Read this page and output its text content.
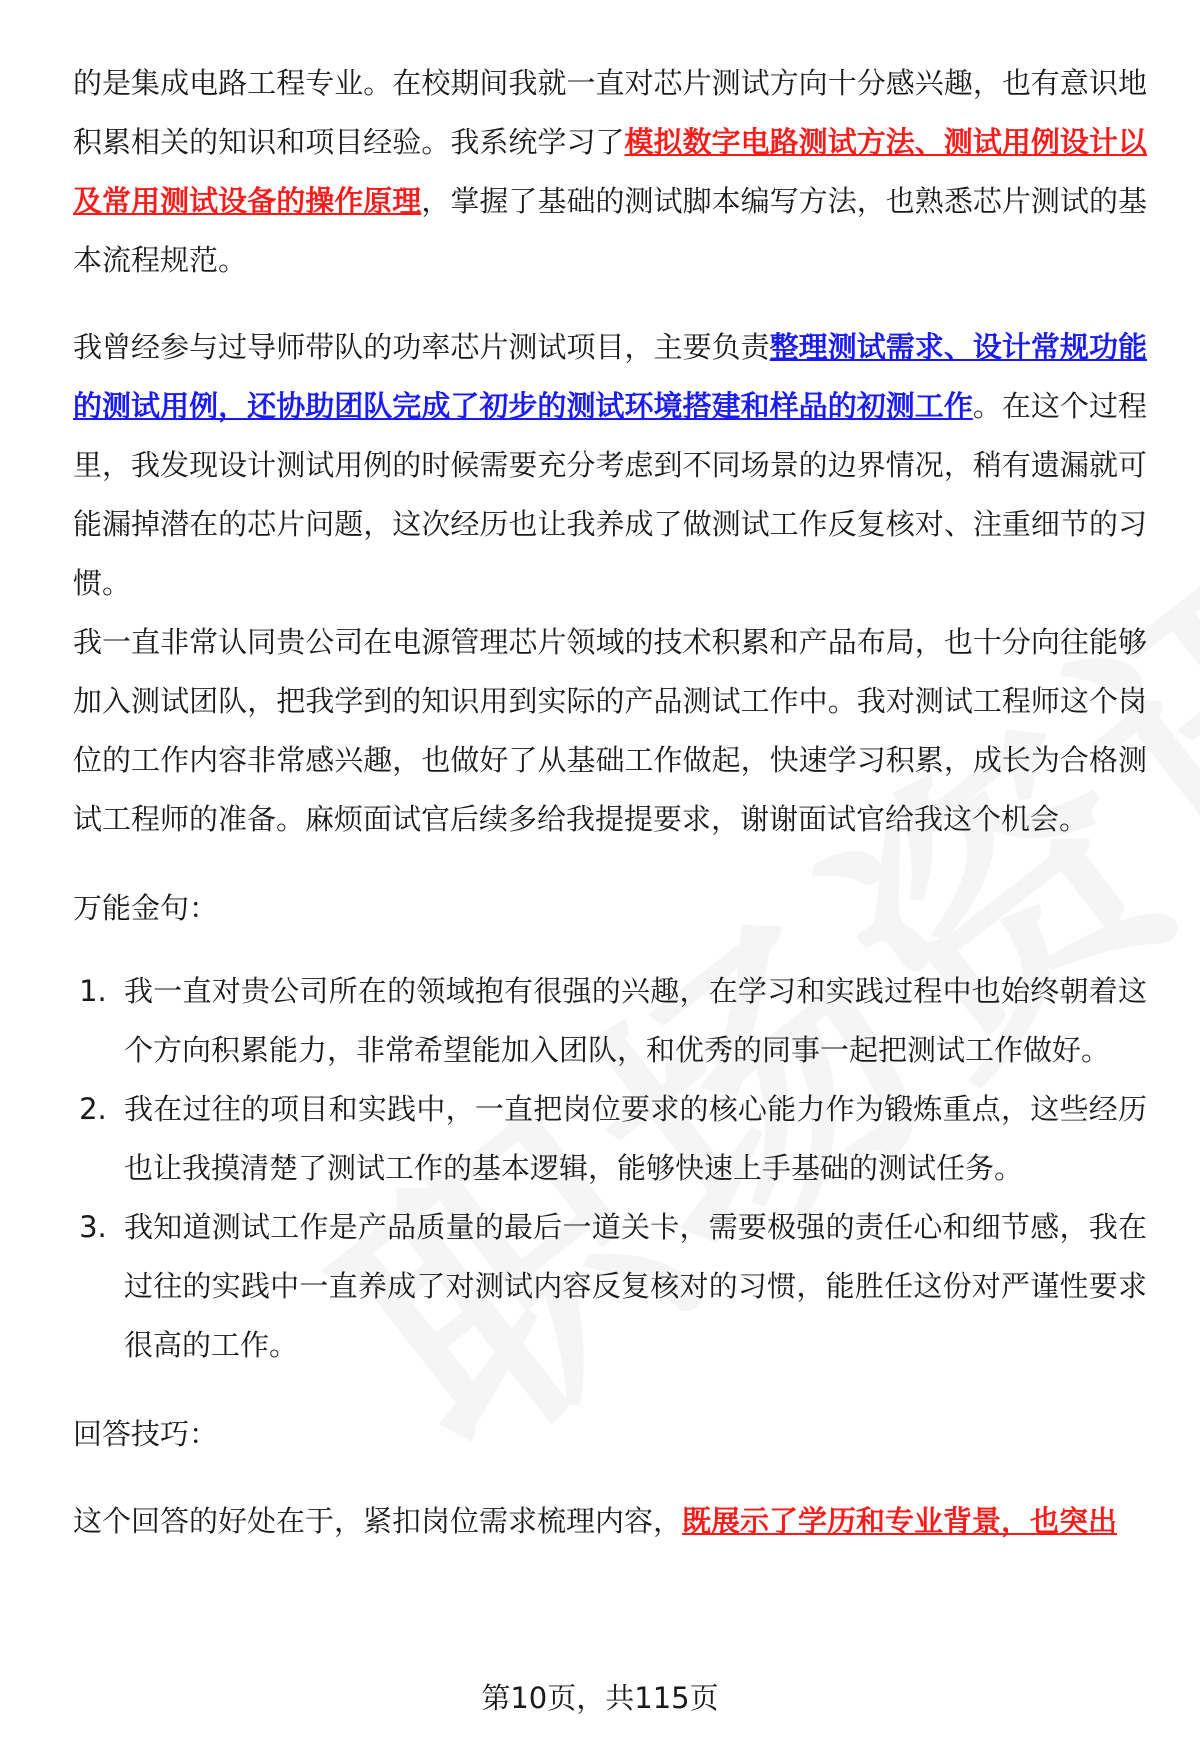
的是集成电路工程专业。在校期间我就一直对芯片测试方向十分感兴趣，也有意识地积累相关的知识和项目经验。我系统学习了模拟数字电路测试方法、测试用例设计以及常用测试设备的操作原理，掌握了基础的测试脚本编写方法，也熟悉芯片测试的基本流程规范。

我曾经参与过导师带队的功率芯片测试项目，主要负责整理测试需求、设计常规功能的测试用例，还协助团队完成了初步的测试环境搭建和样品的初测工作。在这个过程里，我发现设计测试用例的时候需要充分考虑到不同场景的边界情况，稍有遗漏就可能漏掉潜在的芯片问题，这次经历也让我养成了做测试工作反复核对、注重细节的习惯。

我一直非常认同贵公司在电源管理芯片领域的技术积累和产品布局，也十分向往能够加入测试团队，把我学到的知识用到实际的产品测试工作中。我对测试工程师这个岗位的工作内容非常感兴趣，也做好了从基础工作做起，快速学习积累，成长为合格测试工程师的准备。麻烦面试官后续多给我提提要求，谢谢面试官给我这个机会。

万能金句：

1. 我一直对贵公司所在的领域抱有很强的兴趣，在学习和实践过程中也始终朝着这个方向积累能力，非常希望能加入团队，和优秀的同事一起把测试工作做好。
2. 我在过往的项目和实践中，一直把岗位要求的核心能力作为锻炼重点，这些经历也让我摸清楚了测试工作的基本逻辑，能够快速上手基础的测试任务。
3. 我知道测试工作是产品质量的最后一道关卡，需要极强的责任心和细节感，我在过往的实践中一直养成了对测试内容反复核对的习惯，能胜任这份对严谨性要求很高的工作。

回答技巧：

这个回答的好处在于，紧扣岗位需求梳理内容，既展示了学历和专业背景，也突出

第10页，共115页
